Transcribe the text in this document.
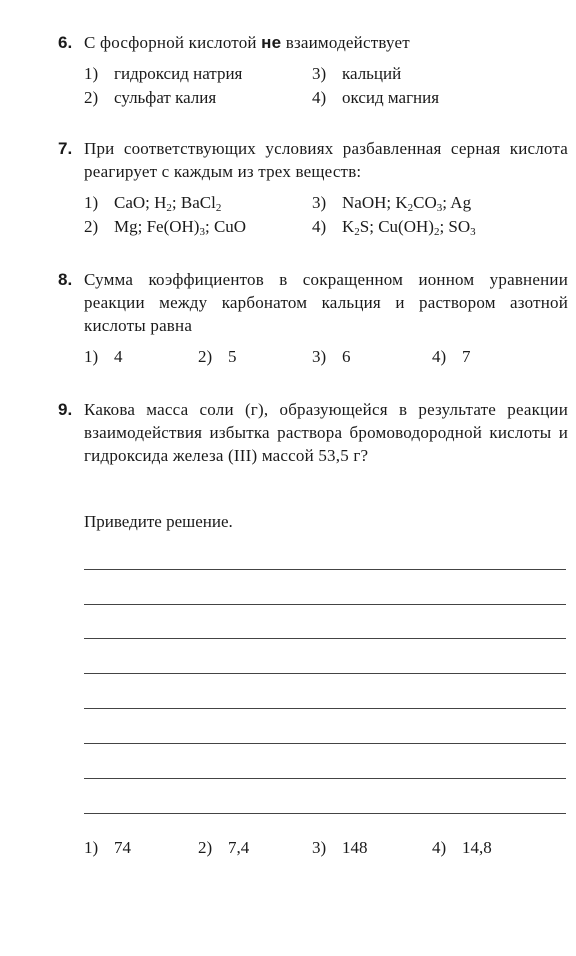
6. С фосфорной кислотой не взаимодействует
1) гидроксид натрия	3) кальций
2) сульфат калия	4) оксид магния
7. При соответствующих условиях разбавленная серная кислота реагирует с каждым из трех веществ:
1) CaO; $H_2$; BaCl$_2$	3) NaOH; $K_2CO_3$; Ag
2) Mg; $Fe(OH)_3$; CuO	4) $K_2S$; $Cu(OH)_2$; $SO_3$
8. Сумма коэффициентов в сокращенном ионном уравнении реакции между карбонатом кальция и раствором азотной кислоты равна
1) 4	2) 5	3) 6	4) 7
9. Какова масса соли (г), образующейся в результате реакции взаимодействия избытка раствора бромоводородной кислоты и гидроксида железа (III) массой 53,5 г?
Приведите решение.
1) 74	2) 7,4	3) 148	4) 14,8
